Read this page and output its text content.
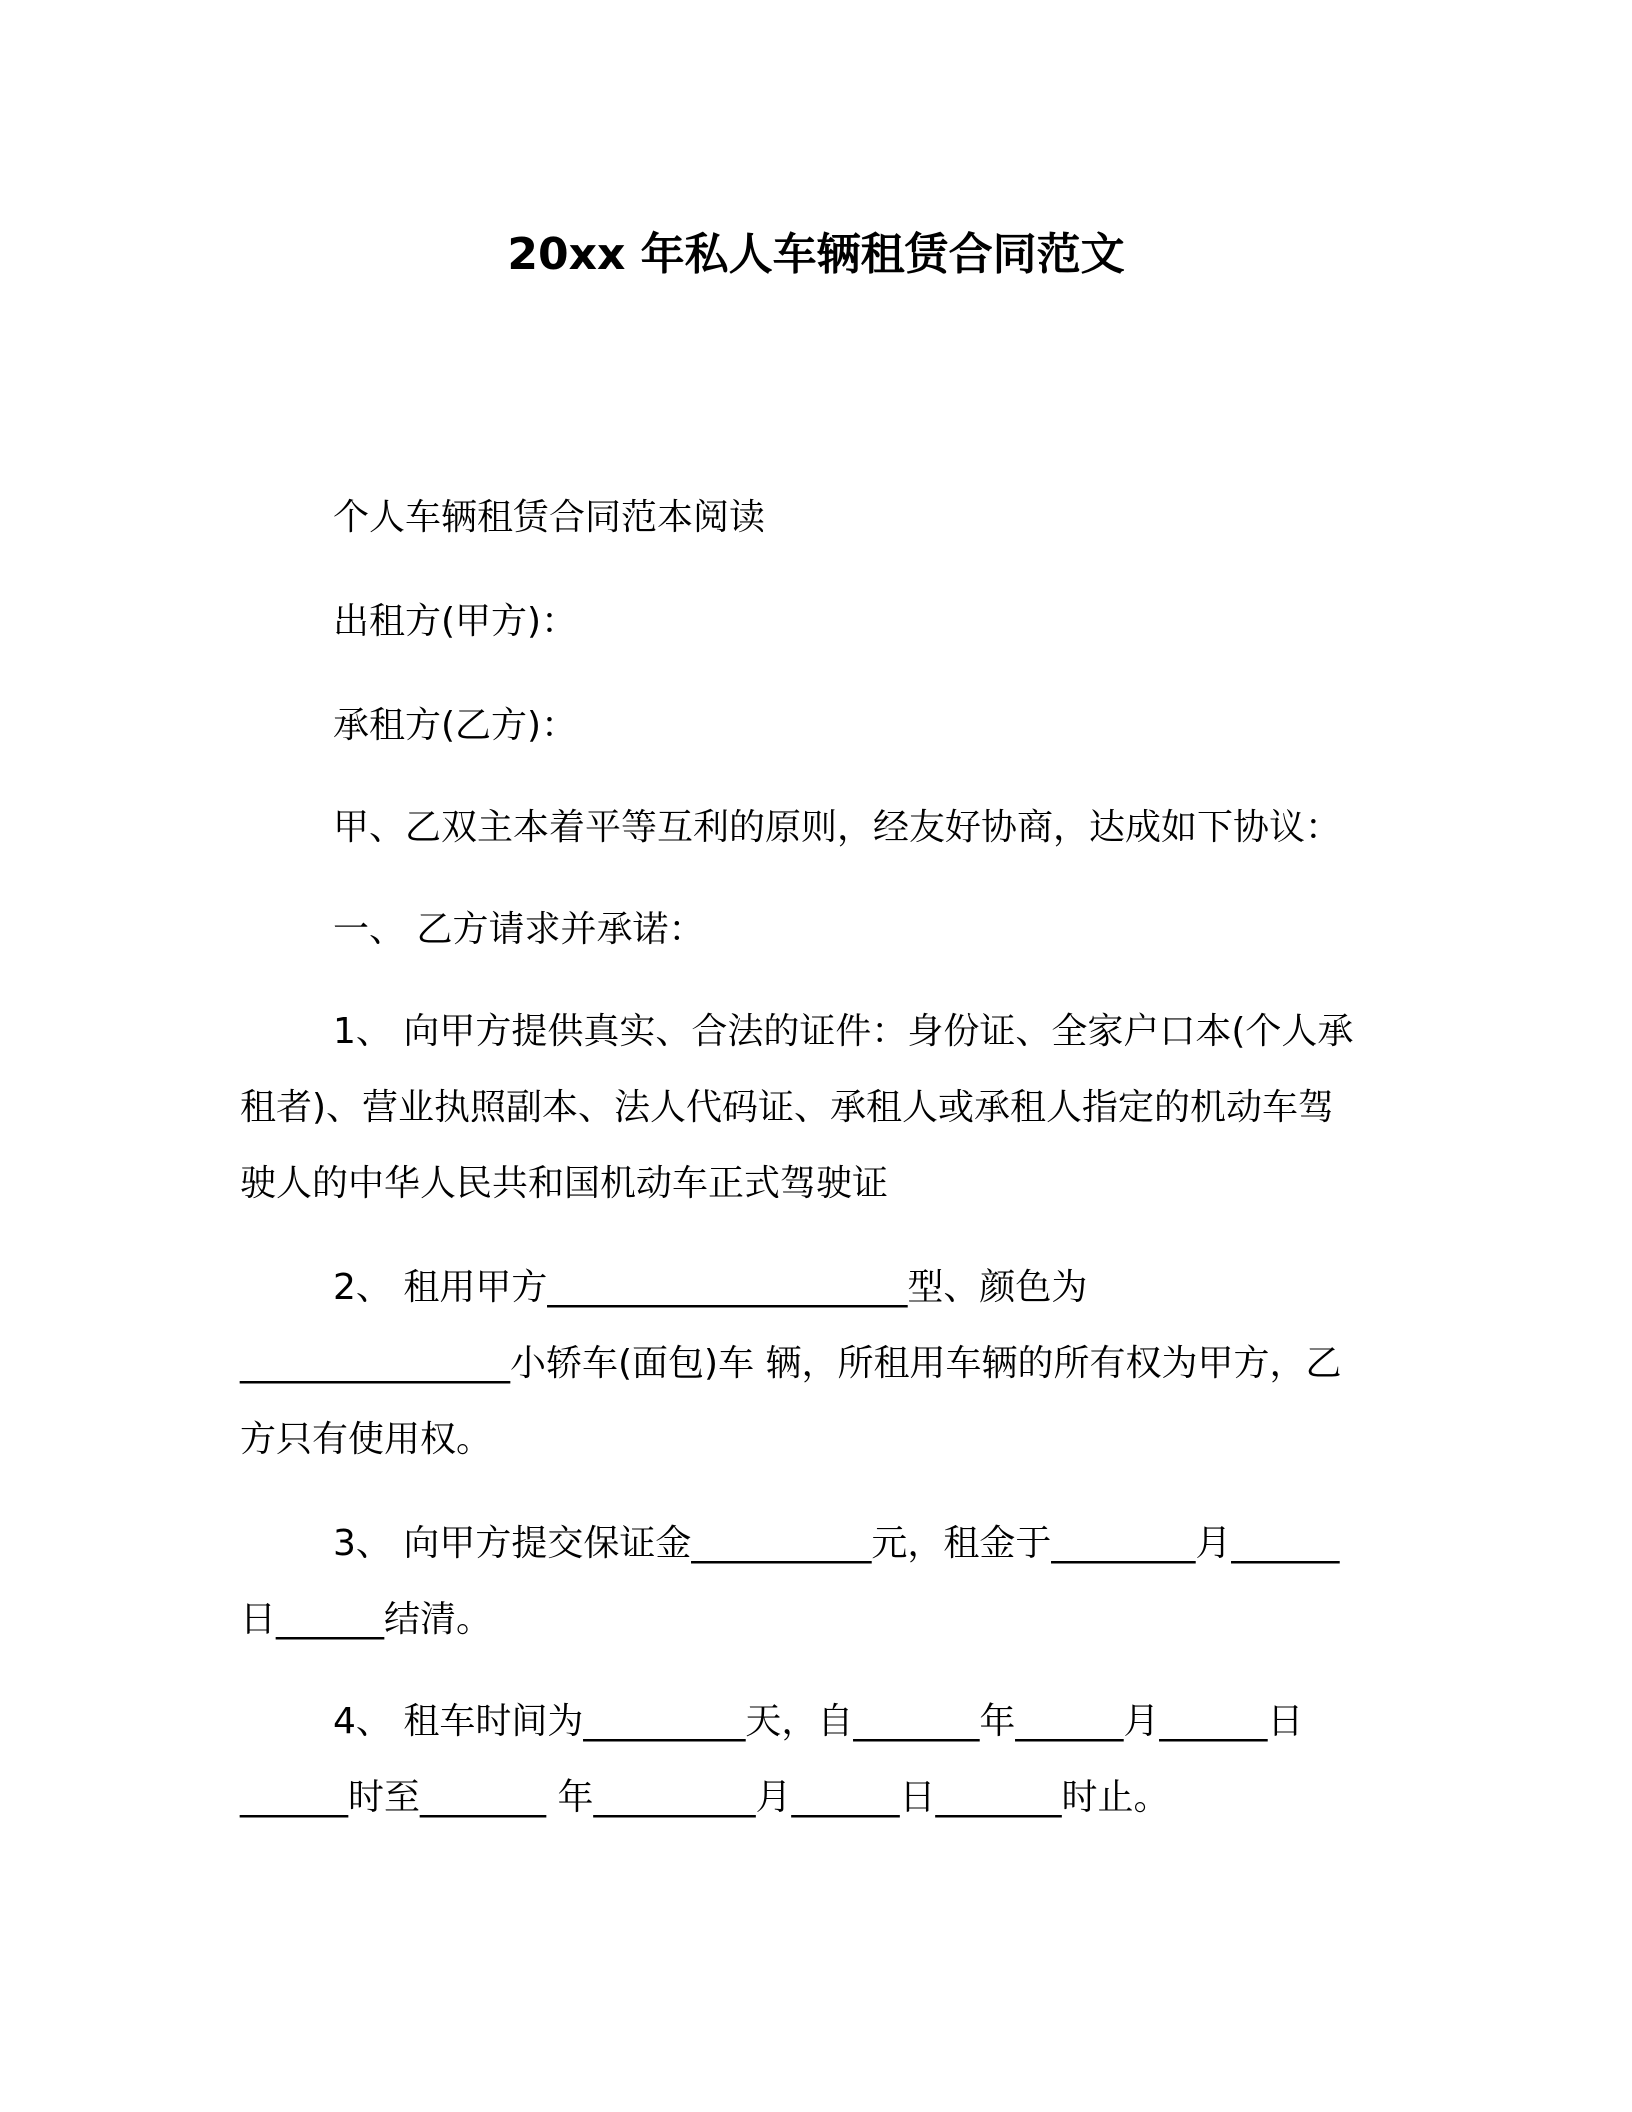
20xx 年私人车辆租赁合同范文

个人车辆租赁合同范本阅读

出租方(甲方)：

承租方(乙方)：

甲、乙双主本着平等互利的原则，经友好协商，达成如下协议：

一、 乙方请求并承诺：

1、 向甲方提供真实、合法的证件：身份证、全家户口本(个人承

租者)、营业执照副本、法人代码证、承租人或承租人指定的机动车驾

驶人的中华人民共和国机动车正式驾驶证

2、 租用甲方____________________型、颜色为

_______________小轿车(面包)车 辆，所租用车辆的所有权为甲方，乙

方只有使用权。

3、 向甲方提交保证金__________元，租金于________月______

日______结清。

4、 租车时间为_________天，自_______年______月______日

______时至_______ 年_________月______日_______时止。
